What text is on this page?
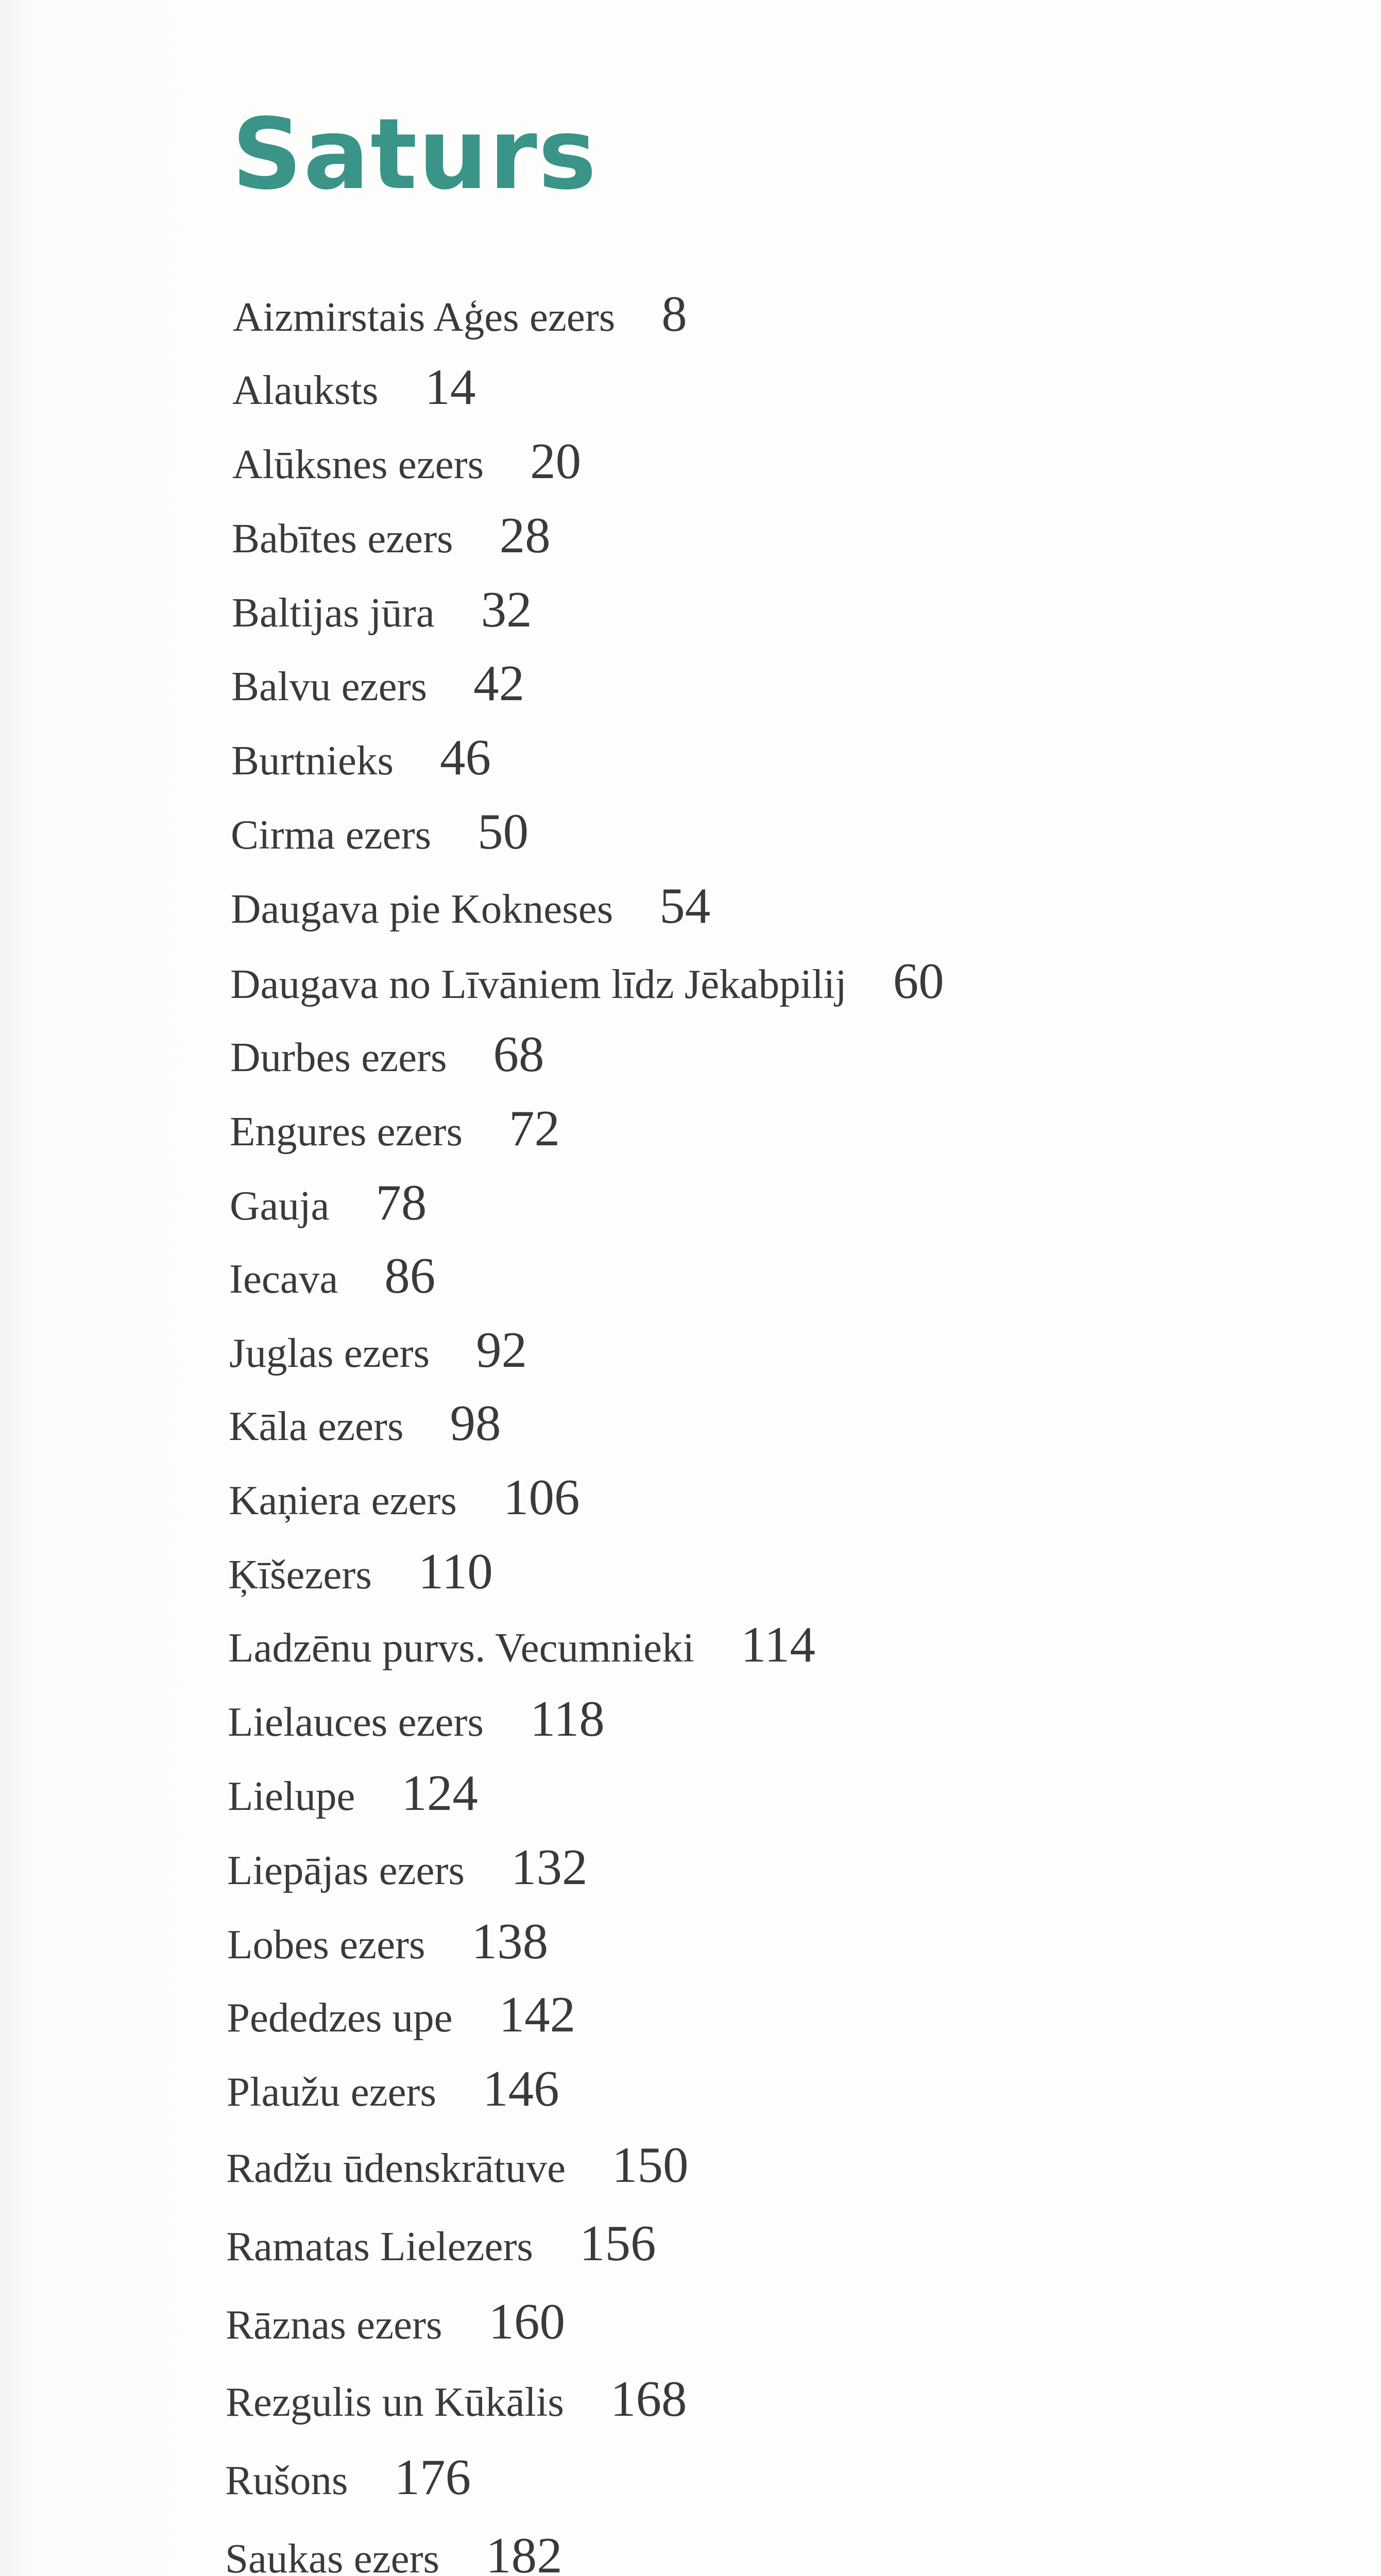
Saturs
Aizmirstais Aģes ezers 8
Alauksts 14
Alūksnes ezers 20
Babītes ezers 28
Baltijas jūra 32
Balvu ezers 42
Burtnieks 46
Cirma ezers 50
Daugava pie Kokneses 54
Daugava no Līvāniem līdz Jēkabpilij 60
Durbes ezers 68
Engures ezers 72
Gauja 78
Iecava 86
Juglas ezers 92
Kāla ezers 98
Kaņiera ezers 106
Ķīšezers 110
Ladzēnu purvs. Vecumnieki 114
Lielauces ezers 118
Lielupe 124
Liepājas ezers 132
Lobes ezers 138
Pededzes upe 142
Plaužu ezers 146
Radžu ūdenskrātuve 150
Ramatas Lielezers 156
Rāznas ezers 160
Rezgulis un Kūkālis 168
Rušons 176
Saukas ezers 182
